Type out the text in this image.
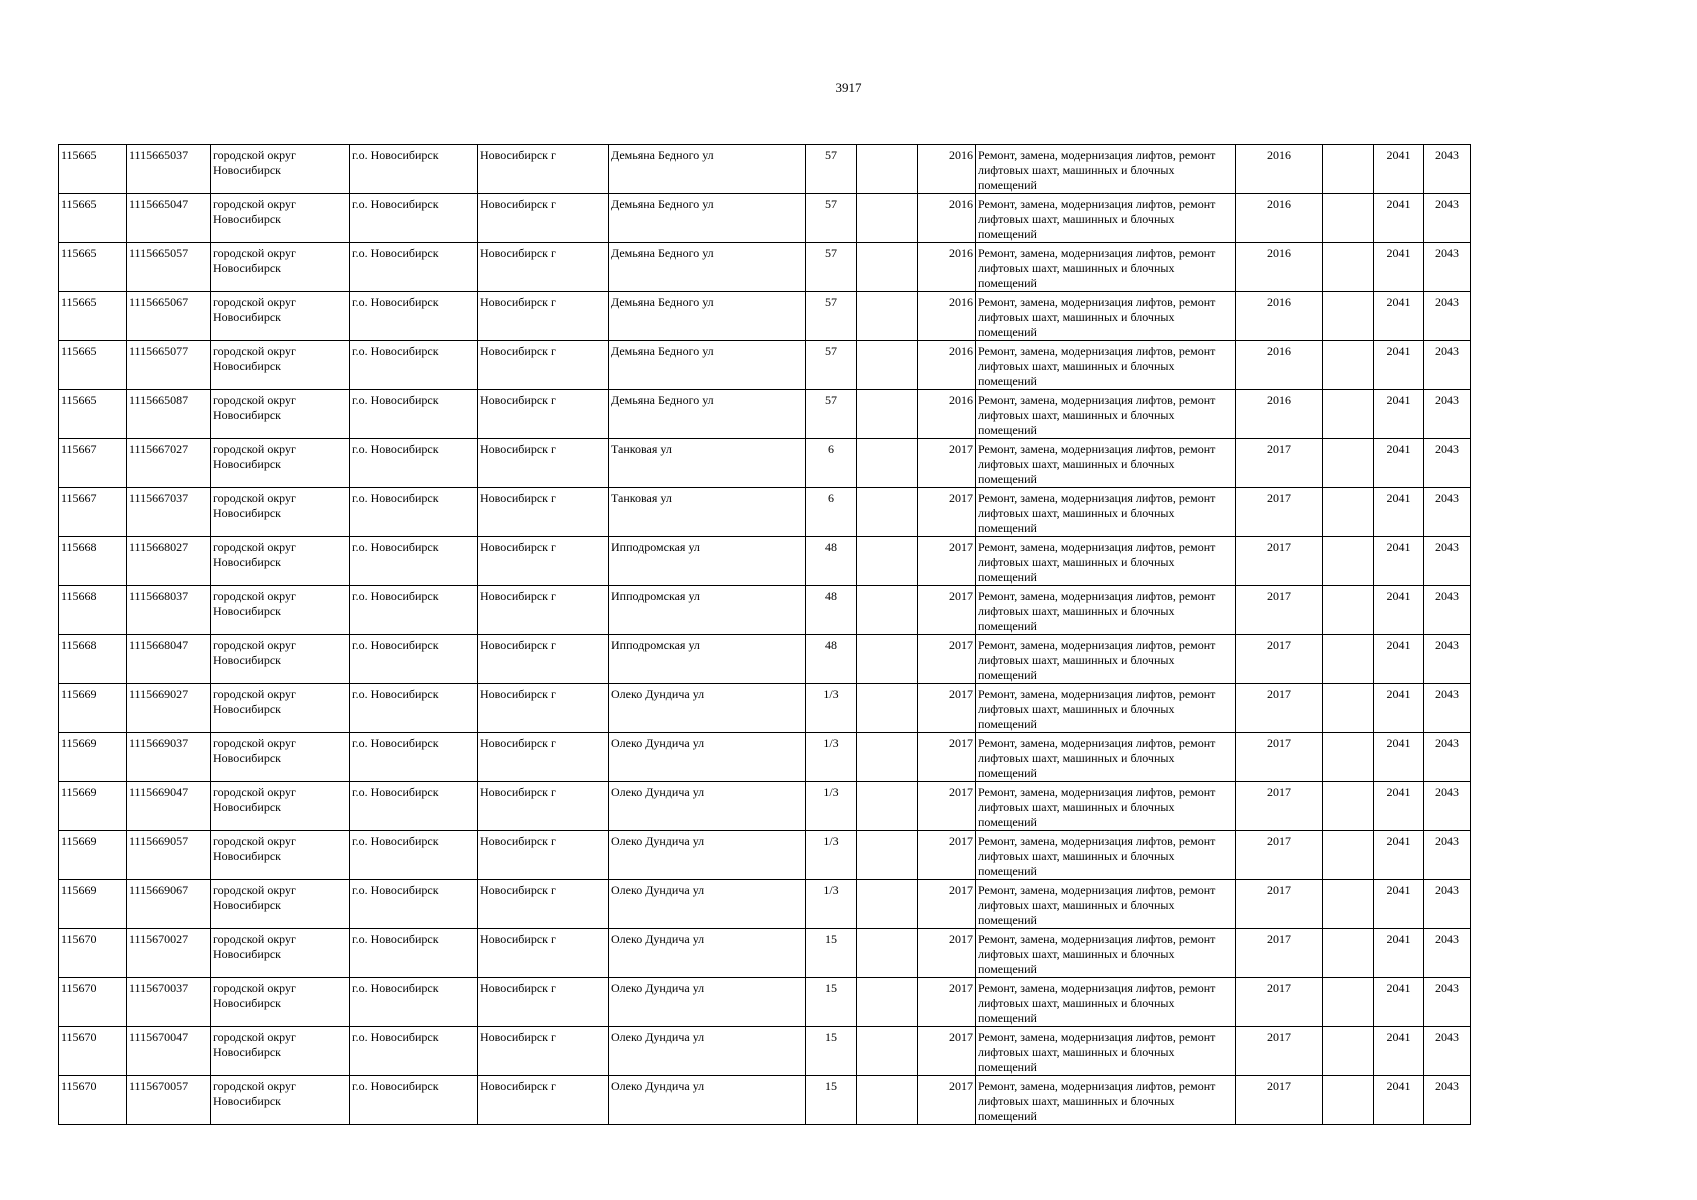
3917
115665	1115665037	городской округ Новосибирск	г.о. Новосибирск	Новосибирск г	Демьяна Бедного ул	57		2016	Ремонт, замена, модернизация лифтов, ремонт лифтовых шахт, машинных и блочных помещений	2016		2041	2043
115665	1115665047	городской округ Новосибирск	г.о. Новосибирск	Новосибирск г	Демьяна Бедного ул	57		2016	Ремонт, замена, модернизация лифтов, ремонт лифтовых шахт, машинных и блочных помещений	2016		2041	2043
115665	1115665057	городской округ Новосибирск	г.о. Новосибирск	Новосибирск г	Демьяна Бедного ул	57		2016	Ремонт, замена, модернизация лифтов, ремонт лифтовых шахт, машинных и блочных помещений	2016		2041	2043
115665	1115665067	городской округ Новосибирск	г.о. Новосибирск	Новосибирск г	Демьяна Бедного ул	57		2016	Ремонт, замена, модернизация лифтов, ремонт лифтовых шахт, машинных и блочных помещений	2016		2041	2043
115665	1115665077	городской округ Новосибирск	г.о. Новосибирск	Новосибирск г	Демьяна Бедного ул	57		2016	Ремонт, замена, модернизация лифтов, ремонт лифтовых шахт, машинных и блочных помещений	2016		2041	2043
115665	1115665087	городской округ Новосибирск	г.о. Новосибирск	Новосибирск г	Демьяна Бедного ул	57		2016	Ремонт, замена, модернизация лифтов, ремонт лифтовых шахт, машинных и блочных помещений	2016		2041	2043
115667	1115667027	городской округ Новосибирск	г.о. Новосибирск	Новосибирск г	Танковая ул	6		2017	Ремонт, замена, модернизация лифтов, ремонт лифтовых шахт, машинных и блочных помещений	2017		2041	2043
115667	1115667037	городской округ Новосибирск	г.о. Новосибирск	Новосибирск г	Танковая ул	6		2017	Ремонт, замена, модернизация лифтов, ремонт лифтовых шахт, машинных и блочных помещений	2017		2041	2043
115668	1115668027	городской округ Новосибирск	г.о. Новосибирск	Новосибирск г	Ипподромская ул	48		2017	Ремонт, замена, модернизация лифтов, ремонт лифтовых шахт, машинных и блочных помещений	2017		2041	2043
115668	1115668037	городской округ Новосибирск	г.о. Новосибирск	Новосибирск г	Ипподромская ул	48		2017	Ремонт, замена, модернизация лифтов, ремонт лифтовых шахт, машинных и блочных помещений	2017		2041	2043
115668	1115668047	городской округ Новосибирск	г.о. Новосибирск	Новосибирск г	Ипподромская ул	48		2017	Ремонт, замена, модернизация лифтов, ремонт лифтовых шахт, машинных и блочных помещений	2017		2041	2043
115669	1115669027	городской округ Новосибирск	г.о. Новосибирск	Новосибирск г	Олеко Дундича ул	1/3		2017	Ремонт, замена, модернизация лифтов, ремонт лифтовых шахт, машинных и блочных помещений	2017		2041	2043
115669	1115669037	городской округ Новосибирск	г.о. Новосибирск	Новосибирск г	Олеко Дундича ул	1/3		2017	Ремонт, замена, модернизация лифтов, ремонт лифтовых шахт, машинных и блочных помещений	2017		2041	2043
115669	1115669047	городской округ Новосибирск	г.о. Новосибирск	Новосибирск г	Олеко Дундича ул	1/3		2017	Ремонт, замена, модернизация лифтов, ремонт лифтовых шахт, машинных и блочных помещений	2017		2041	2043
115669	1115669057	городской округ Новосибирск	г.о. Новосибирск	Новосибирск г	Олеко Дундича ул	1/3		2017	Ремонт, замена, модернизация лифтов, ремонт лифтовых шахт, машинных и блочных помещений	2017		2041	2043
115669	1115669067	городской округ Новосибирск	г.о. Новосибирск	Новосибирск г	Олеко Дундича ул	1/3		2017	Ремонт, замена, модернизация лифтов, ремонт лифтовых шахт, машинных и блочных помещений	2017		2041	2043
115670	1115670027	городской округ Новосибирск	г.о. Новосибирск	Новосибирск г	Олеко Дундича ул	15		2017	Ремонт, замена, модернизация лифтов, ремонт лифтовых шахт, машинных и блочных помещений	2017		2041	2043
115670	1115670037	городской округ Новосибирск	г.о. Новосибирск	Новосибирск г	Олеко Дундича ул	15		2017	Ремонт, замена, модернизация лифтов, ремонт лифтовых шахт, машинных и блочных помещений	2017		2041	2043
115670	1115670047	городской округ Новосибирск	г.о. Новосибирск	Новосибирск г	Олеко Дундича ул	15		2017	Ремонт, замена, модернизация лифтов, ремонт лифтовых шахт, машинных и блочных помещений	2017		2041	2043
115670	1115670057	городской округ Новосибирск	г.о. Новосибирск	Новосибирск г	Олеко Дундича ул	15		2017	Ремонт, замена, модернизация лифтов, ремонт лифтовых шахт, машинных и блочных помещений	2017		2041	2043
